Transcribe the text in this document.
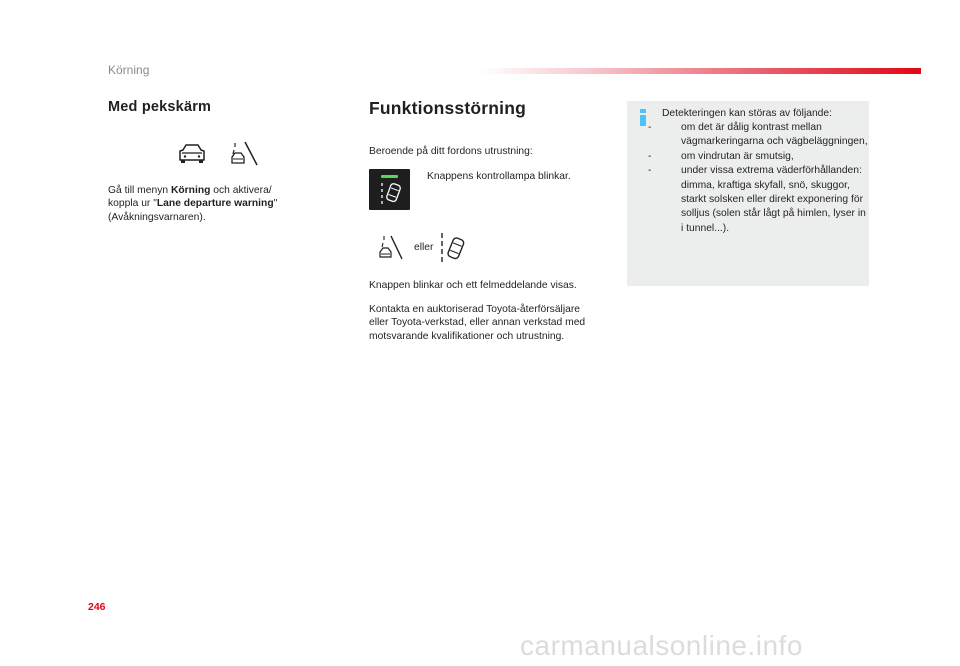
Körning
Med pekskärm
Gå till menyn Körning och aktivera/
koppla ur "Lane departure warning"
(Avåkningsvarnaren).
Funktionsstörning
Beroende på ditt fordons utrustning:
Knappens kontrollampa blinkar.
eller
Knappen blinkar och ett felmeddelande visas.
Kontakta en auktoriserad Toyota-återförsäljare
eller Toyota-verkstad, eller annan verkstad med
motsvarande kvalifikationer och utrustning.
Detekteringen kan störas av följande:
-	om det är dålig kontrast mellan vägmarkeringarna och vägbeläggningen,
-	om vindrutan är smutsig,
-	under vissa extrema väderförhållanden: dimma, kraftiga skyfall, snö, skuggor, starkt solsken eller direkt exponering för solljus (solen står lågt på himlen, lyser in i tunnel...).
246
carmanualsonline.info
